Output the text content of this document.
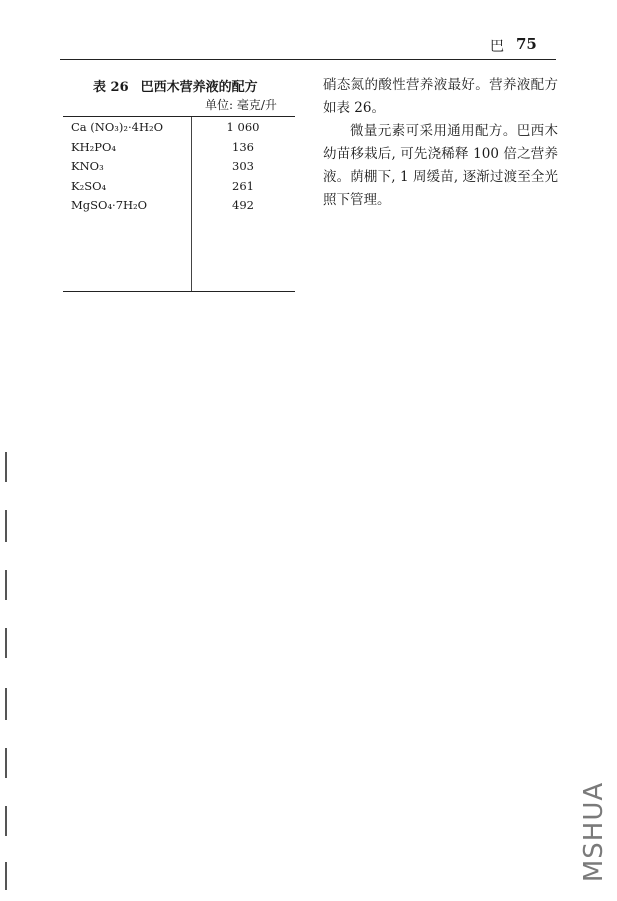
巴 75
表 26 巴西木营养液的配方
单位: 毫克/升
Ca (NO₃)₂·4H₂O	1 060
KH₂PO₄	136
KNO₃	303
K₂SO₄	261
MgSO₄·7H₂O	492

硝态氮的酸性营养液最好。营养液配方如表 26。

微量元素可采用通用配方。巴西木幼苗移栽后, 可先浇稀释 100 倍之营养液。荫棚下, 1 周缓苗, 逐渐过渡至全光照下管理。

MSHUA
